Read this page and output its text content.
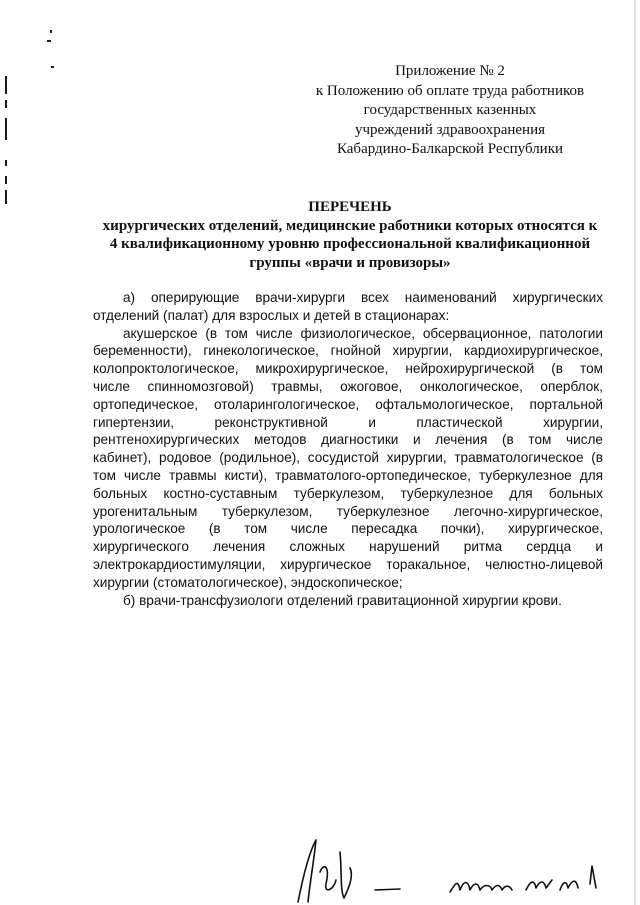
Приложение № 2
к Положению об оплате труда работников
государственных казенных
учреждений здравоохранения
Кабардино-Балкарской Республики
ПЕРЕЧЕНЬ
хирургических отделений, медицинские работники которых относятся к
4 квалификационному уровню профессиональной квалификационной
группы «врачи и провизоры»
а) оперирующие врачи-хирурги всех наименований хирургических
отделений (палат) для взрослых и детей в стационарах:
акушерское (в том числе физиологическое, обсервационное, патологии
беременности), гинекологическое, гнойной хирургии, кардиохирургическое,
колопроктологическое, микрохирургическое, нейрохирургической (в том
числе спинномозговой) травмы, ожоговое, онкологическое, оперблок,
ортопедическое, отоларингологическое, офтальмологическое, портальной
гипертензии, реконструктивной и пластической хирургии,
рентгенохирургических методов диагностики и лечения (в том числе
кабинет), родовое (родильное), сосудистой хирургии, травматологическое (в
том числе травмы кисти), травматолого-ортопедическое, туберкулезное для
больных костно-суставным туберкулезом, туберкулезное для больных
урогенитальным туберкулезом, туберкулезное легочно-хирургическое,
урологическое (в том числе пересадка почки), хирургическое,
хирургического лечения сложных нарушений ритма сердца и
электрокардиостимуляции, хирургическое торакальное, челюстно-лицевой
хирургии (стоматологическое), эндоскопическое;
б) врачи-трансфузиологи отделений гравитационной хирургии крови.
